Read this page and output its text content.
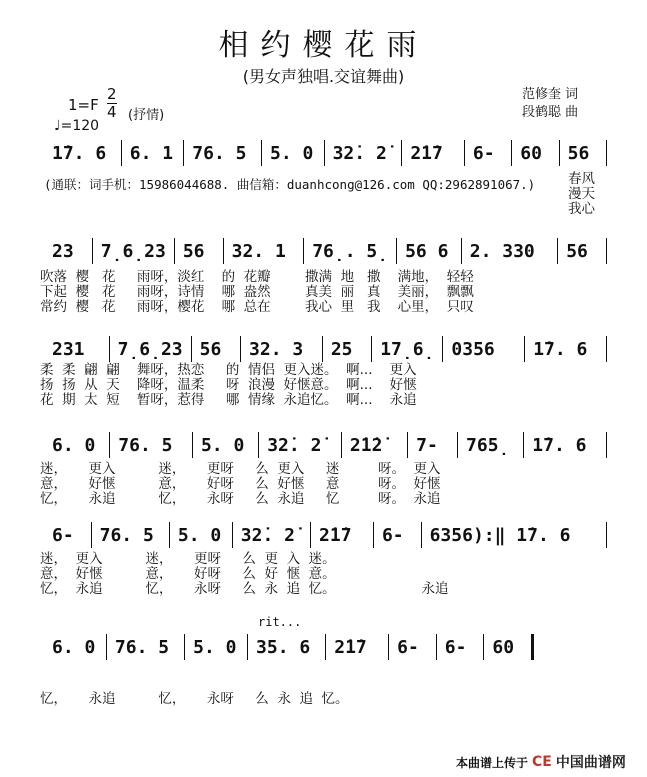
相约樱花雨
(男女声独唱.交谊舞曲)
$1=F \frac{2}{4}$ (抒情)
♩=120
范修奎 词
段鹤聪 曲
1̇7. 6	6. 1	76. 5	5. 0	32̇. 2̇	2̇1̇7	6-	60	56
(通联：词手机：15986044688. 曲信箱：duanhcong@126.com QQ:2962891067.) 春风
漫天
我心
23	7̣6̣23 56	32. 1	76̣. 5̣ 56 6	2. 330	56
吹落  樱   花     雨呀，淡红    的  花瓣        撒满  地   撒    满地，  轻轻
下起  樱   花     雨呀，诗情    哪  盎然        真美  丽   真    美丽，  飘飘
常约  樱   花     雨呀，樱花    哪  总在        我心  里   我    心里，  只叹
231	7̣6̣23 56	32. 3	25	17̣6̣ 0356	1̇7. 6
柔  柔  翩  翩    舞呀，热恋     的  情侣  更入迷。  啊...    更入
扬  扬  从  天    降呀，温柔     呀  浪漫  好惬意。  啊...    好惬
花  期  太  短    暂呀，惹得     哪  情缘  永追忆。  啊...    永追
6. 0	76. 5	5. 0	32̇. 2̇	2̇1̇2̇	7-	765̣	1̇7. 6
迷，     更入          迷，     更呀     么  更入     迷         呀。  更入
意，     好惬          意，     好呀     么  好惬     意         呀。  好惬
忆，     永追          忆，     永呀     么  永追     忆         呀。  永追
6-	76. 5	5. 0	32̇. 2̇	2̇1̇7	6-	6356):‖ 1̇7. 6
迷，  更入          迷，     更呀     么  更  入  迷。
意，  好惬          意，     好呀     么  好  惬  意。
忆，  永追          忆，     永呀     么  永  追  忆。                    永追
rit...
6. 0	76. 5	5. 0	35. 6	2̇1̇7	6-	6-	60
忆，     永追          忆，     永呀     么  永  追  忆。
本曲谱上传于 CE 中国曲谱网
